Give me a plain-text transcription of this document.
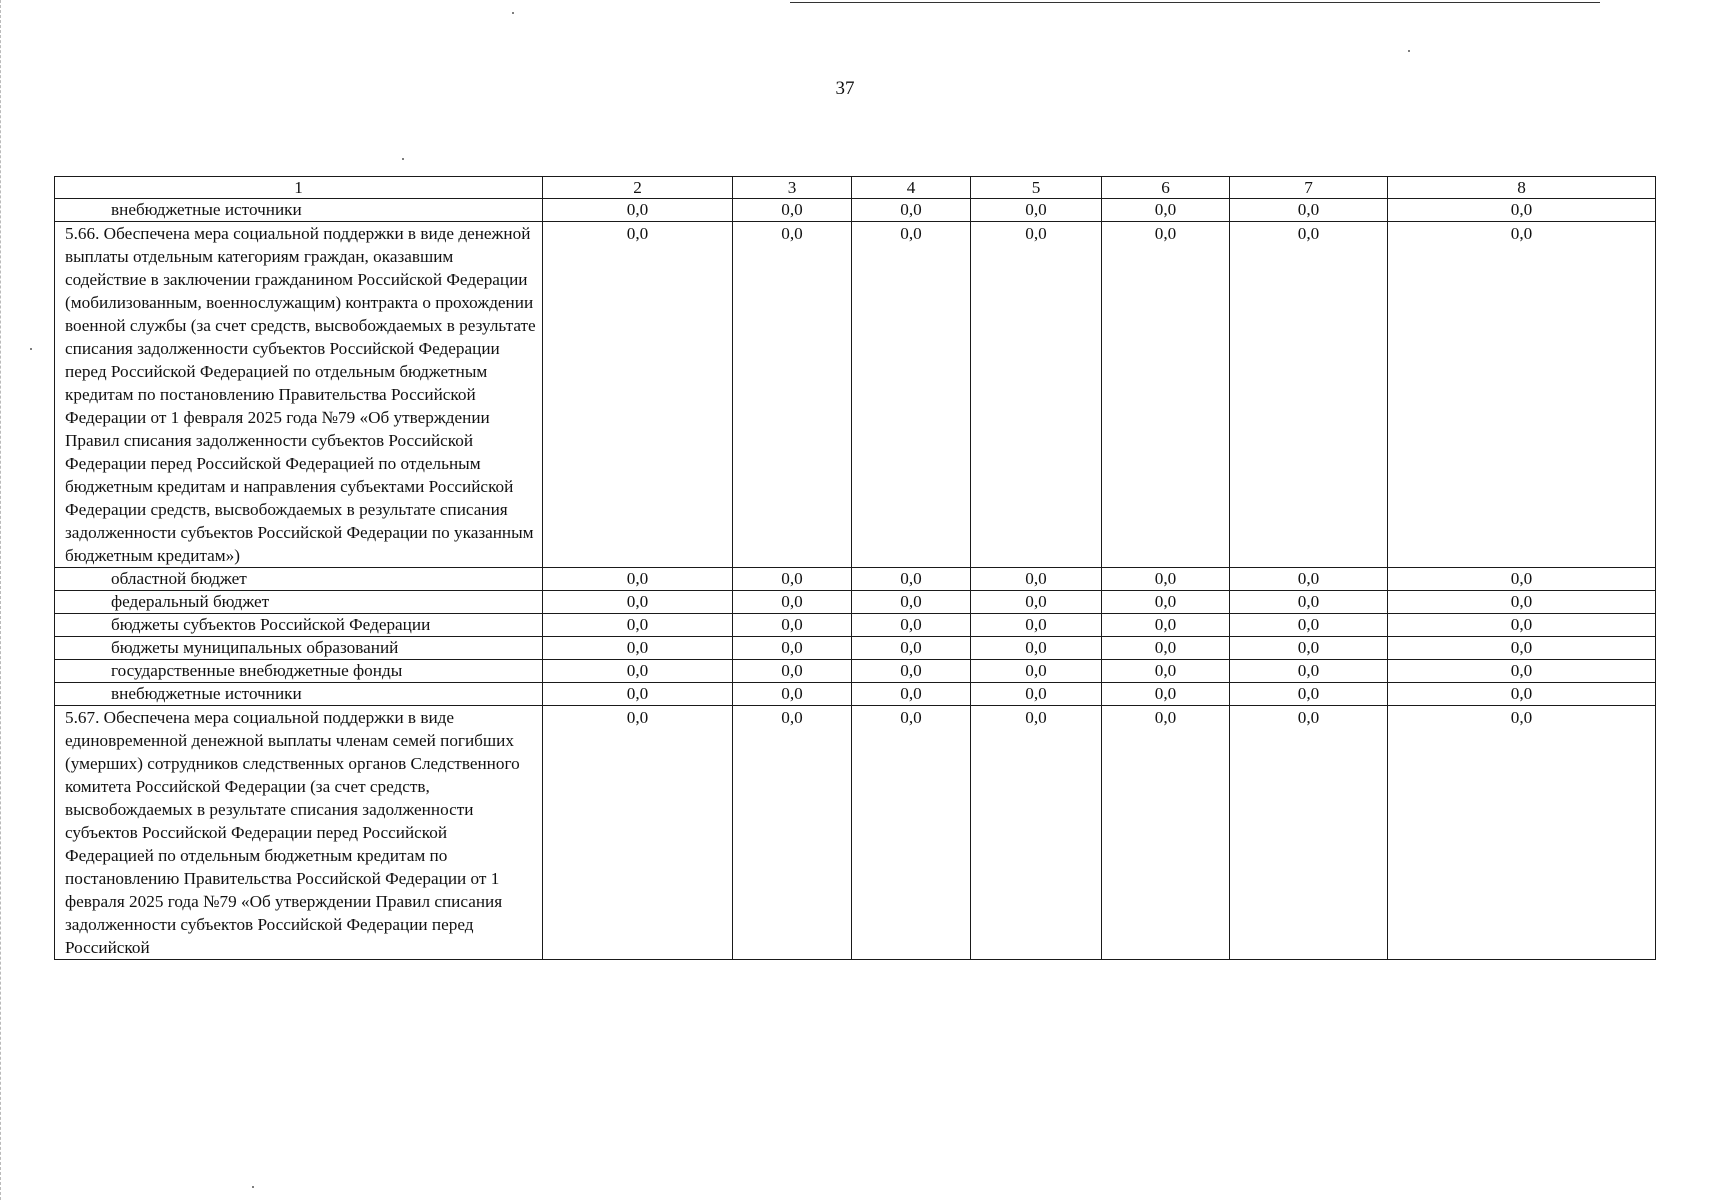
37
1	2	3	4	5	6	7	8
внебюджетные источники	0,0	0,0	0,0	0,0	0,0	0,0	0,0
5.66. Обеспечена мера социальной поддержки в виде денежной выплаты отдельным категориям граждан, оказавшим содействие в заключении гражданином Российской Федерации (мобилизованным, военнослужащим) контракта о прохождении военной службы (за счет средств, высвобождаемых в результате списания задолженности субъектов Российской Федерации перед Российской Федерацией по отдельным бюджетным кредитам по постановлению Правительства Российской Федерации от 1 февраля 2025 года №79 «Об утверждении Правил списания задолженности субъектов Российской Федерации перед Российской Федерацией по отдельным бюджетным кредитам и направления субъектами Российской Федерации средств, высвобождаемых в результате списания задолженности субъектов Российской Федерации по указанным бюджетным кредитам»)	0,0	0,0	0,0	0,0	0,0	0,0	0,0
областной бюджет	0,0	0,0	0,0	0,0	0,0	0,0	0,0
федеральный бюджет	0,0	0,0	0,0	0,0	0,0	0,0	0,0
бюджеты субъектов Российской Федерации	0,0	0,0	0,0	0,0	0,0	0,0	0,0
бюджеты муниципальных образований	0,0	0,0	0,0	0,0	0,0	0,0	0,0
государственные внебюджетные фонды	0,0	0,0	0,0	0,0	0,0	0,0	0,0
внебюджетные источники	0,0	0,0	0,0	0,0	0,0	0,0	0,0
5.67. Обеспечена мера социальной поддержки в виде единовременной денежной выплаты членам семей погибших (умерших) сотрудников следственных органов Следственного комитета Российской Федерации (за счет средств, высвобождаемых в результате списания задолженности субъектов Российской Федерации перед Российской Федерацией по отдельным бюджетным кредитам по постановлению Правительства Российской Федерации от 1 февраля 2025 года №79 «Об утверждении Правил списания задолженности субъектов Российской Федерации перед Российской	0,0	0,0	0,0	0,0	0,0	0,0	0,0
